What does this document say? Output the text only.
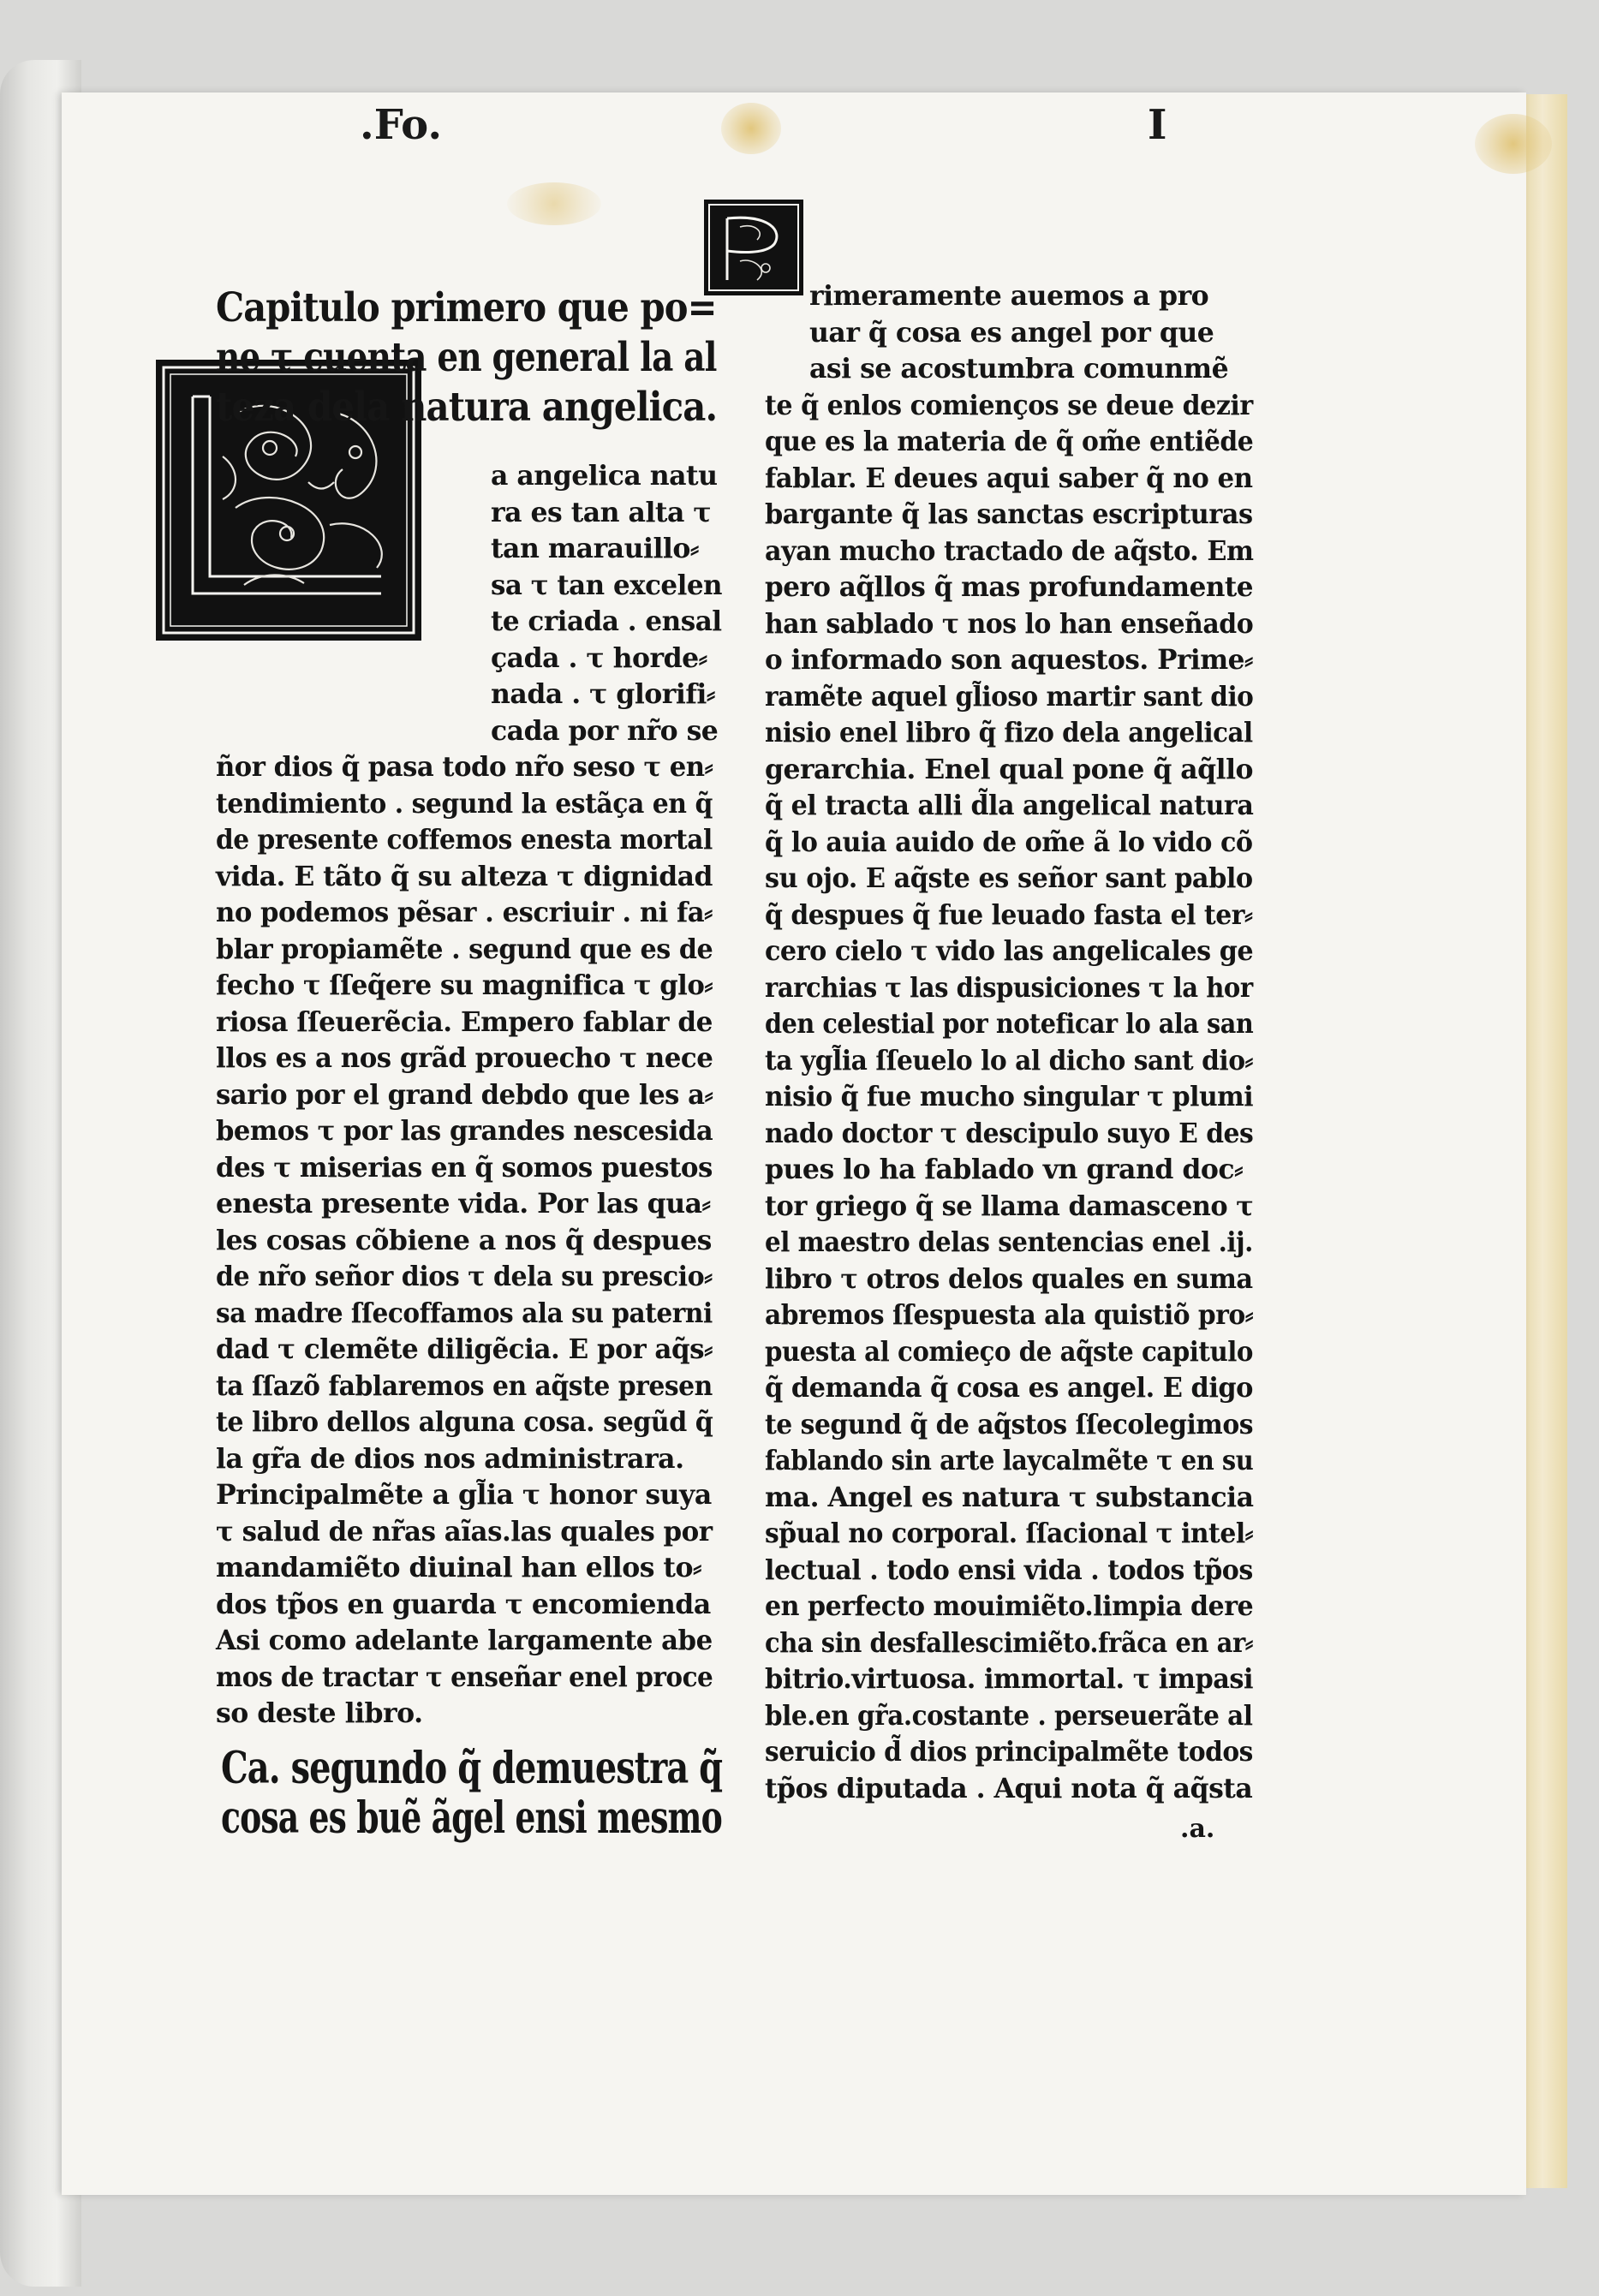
.Fo.	I
Capitulo primero que po=
ne τ cuenta en general la al
teza dela natura angelica.
a angelica natu
ra es tan alta τ
tan marauillo⸗
sa τ tan excelen
te criada . ensal
çada . τ horde⸗
nada . τ glorifi⸗
cada por nr̃o se
ñor dios q̃ pasa todo nr̃o seso τ en⸗
tendimiento . segund la estãça en q̃
de presente coffemos enesta mortal
vida. E tãto q̃ su alteza τ dignidad
no podemos pẽsar . escriuir . ni fa⸗
blar propiamẽte . segund que es de
fecho τ ſſeq̃ere su magnifica τ glo⸗
riosa ſſeuerẽcia. Empero fablar de
llos es a nos grãd prouecho τ nece
sario por el grand debdo que les a⸗
bemos τ por las grandes nescesida
des τ miserias en q̃ somos puestos
enesta presente vida. Por las qua⸗
les cosas cõbiene a nos q̃ despues
de nr̃o señor dios τ dela su prescio⸗
sa madre ſſecoffamos ala su paterni
dad τ clemẽte diligẽcia. E por aq̃s⸗
ta ſſazõ fablaremos en aq̃ste presen
te libro dellos alguna cosa. segũd q̃
la gr̃a de dios nos administrara.
Principalmẽte a gl̃ia τ honor suya
τ salud de nr̃as aĩas.las quales por
mandamiẽto diuinal han ellos to⸗
dos tp̃os en guarda τ encomienda
Asi como adelante largamente abe
mos de tractar τ enseñar enel proce
so deste libro.
Ca. segundo q̃ demuestra q̃
cosa es buẽ ãgel ensi mesmo
rimeramente auemos a pro
uar q̃ cosa es angel por que
asi se acostumbra comunmẽ
te q̃ enlos comienços se deue dezir
que es la materia de q̃ om̃e entiẽde
fablar. E deues aqui saber q̃ no en
bargante q̃ las sanctas escripturas
ayan mucho tractado de aq̃sto. Em
pero aq̃llos q̃ mas profundamente
han sablado τ nos lo han enseñado
o informado son aquestos. Prime⸗
ramẽte aquel gl̃ioso martir sant dio
nisio enel libro q̃ fizo dela angelical
gerarchia. Enel qual pone q̃ aq̃llo
q̃ el tracta alli d̃la angelical natura
q̃ lo auia auido de om̃e ã lo vido cõ
su ojo. E aq̃ste es señor sant pablo
q̃ despues q̃ fue leuado fasta el ter⸗
cero cielo τ vido las angelicales ge
rarchias τ las dispusiciones τ la hor
den celestial por noteficar lo ala san
ta ygl̃ia ſſeuelo lo al dicho sant dio⸗
nisio q̃ fue mucho singular τ plumi
nado doctor τ descipulo suyo E des
pues lo ha fablado vn grand doc⸗
tor griego q̃ se llama damasceno τ
el maestro delas sentencias enel .ij.
libro τ otros delos quales en suma
abremos ſſespuesta ala quistiõ pro⸗
puesta al comieço de aq̃ste capitulo
q̃ demanda q̃ cosa es angel. E digo
te segund q̃ de aq̃stos ſſecolegimos
fablando sin arte laycalmẽte τ en su
ma. Angel es natura τ substancia
sp̃ual no corporal. ſſacional τ intel⸗
lectual . todo ensi vida . todos tp̃os
en perfecto mouimiẽto.limpia dere
cha sin desfallescimiẽto.frãca en ar⸗
bitrio.virtuosa. immortal. τ impasi
ble.en gr̃a.costante . perseuerãte al
seruicio d̃ dios principalmẽte todos
tp̃os diputada . Aqui nota q̃ aq̃sta
.a.
